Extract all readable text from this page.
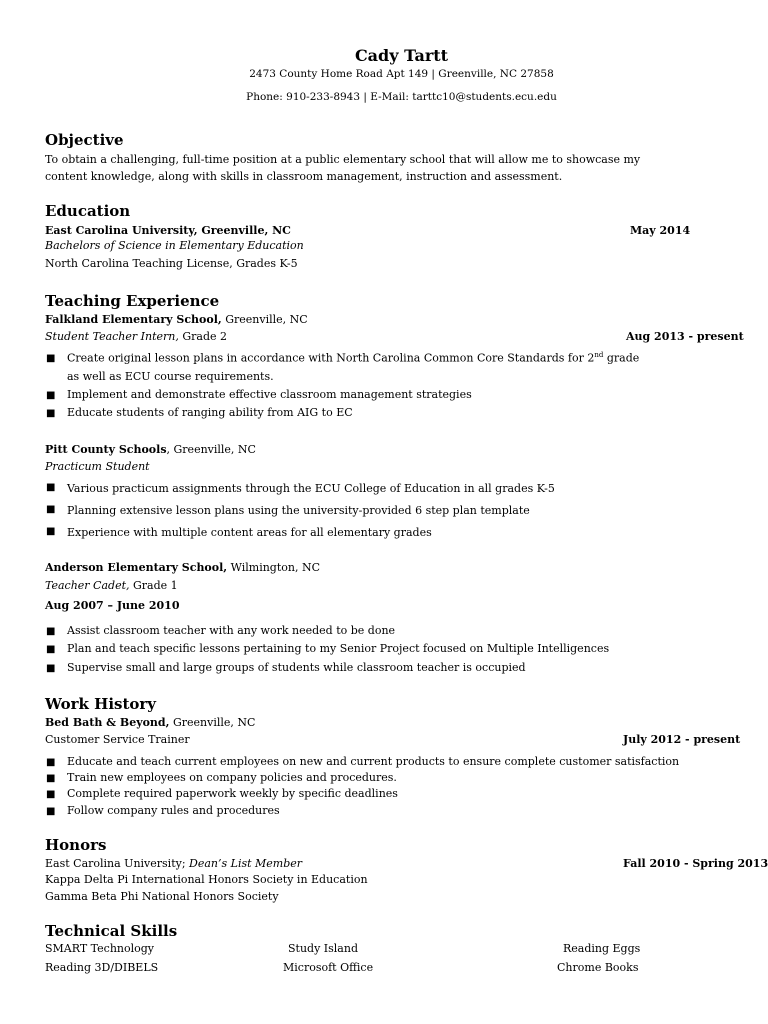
Cady Tartt
2473 County Home Road Apt 149 | Greenville, NC 27858
Phone: 910-233-8943 | E-Mail: tarttc10@students.ecu.edu
Objective
To obtain a challenging, full-time position at a public elementary school that will allow me to showcase my
content knowledge, along with skills in classroom management, instruction and assessment.
Education
East Carolina University, Greenville, NC	May 2014
Bachelors of Science in Elementary Education
North Carolina Teaching License, Grades K-5
Teaching Experience
Falkland Elementary School, Greenville, NC
Student Teacher Intern, Grade 2	Aug 2013 - present
■ Create original lesson plans in accordance with North Carolina Common Core Standards for 2nd grade
as well as ECU course requirements.
■ Implement and demonstrate effective classroom management strategies
■ Educate students of ranging ability from AIG to EC
Pitt County Schools, Greenville, NC
Practicum Student
■ Various practicum assignments through the ECU College of Education in all grades K-5
■ Planning extensive lesson plans using the university-provided 6 step plan template
■ Experience with multiple content areas for all elementary grades
Anderson Elementary School, Wilmington, NC
Teacher Cadet, Grade 1
Aug 2007 – June 2010
■ Assist classroom teacher with any work needed to be done
■ Plan and teach specific lessons pertaining to my Senior Project focused on Multiple Intelligences
■ Supervise small and large groups of students while classroom teacher is occupied
Work History
Bed Bath & Beyond, Greenville, NC
Customer Service Trainer	July 2012 - present
■ Educate and teach current employees on new and current products to ensure complete customer satisfaction
■ Train new employees on company policies and procedures.
■ Complete required paperwork weekly by specific deadlines
■ Follow company rules and procedures
Honors
East Carolina University; Dean’s List Member	Fall 2010 - Spring 2013
Kappa Delta Pi International Honors Society in Education
Gamma Beta Phi National Honors Society
Technical Skills
SMART Technology	Study Island	Reading Eggs
Reading 3D/DIBELS	Microsoft Office	Chrome Books
